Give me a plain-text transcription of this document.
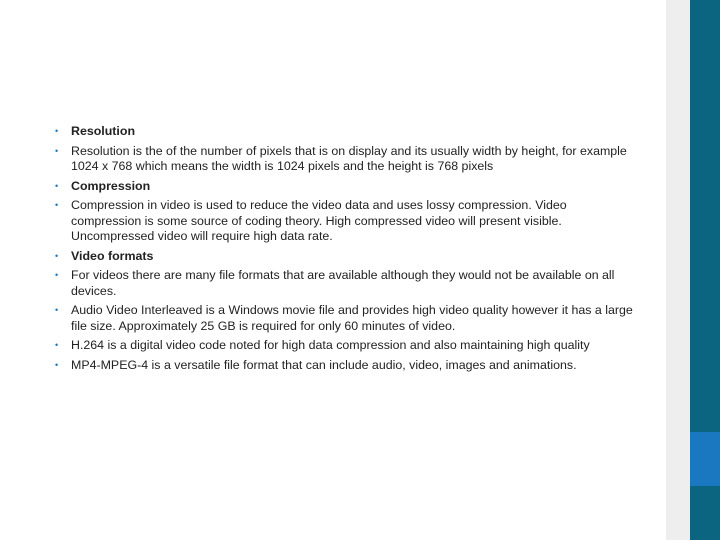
• Resolution
• Resolution is the of the number of pixels that is on display and its usually width by height, for example 1024 x 768 which means the width is 1024 pixels and the height is 768 pixels
• Compression
• Compression in video is used to reduce the video data and uses lossy compression. Video compression is some source of coding theory. High compressed video will present visible. Uncompressed video will require high data rate.
• Video formats
• For videos there are many file formats that are available although they would not be available on all devices.
• Audio Video Interleaved is a Windows movie file and provides high video quality however it has a large file size. Approximately 25 GB is required for only 60 minutes of video.
• H.264 is a digital video code noted for high data compression and also maintaining high quality
• MP4-MPEG-4 is a versatile file format that can include audio, video, images and animations.
